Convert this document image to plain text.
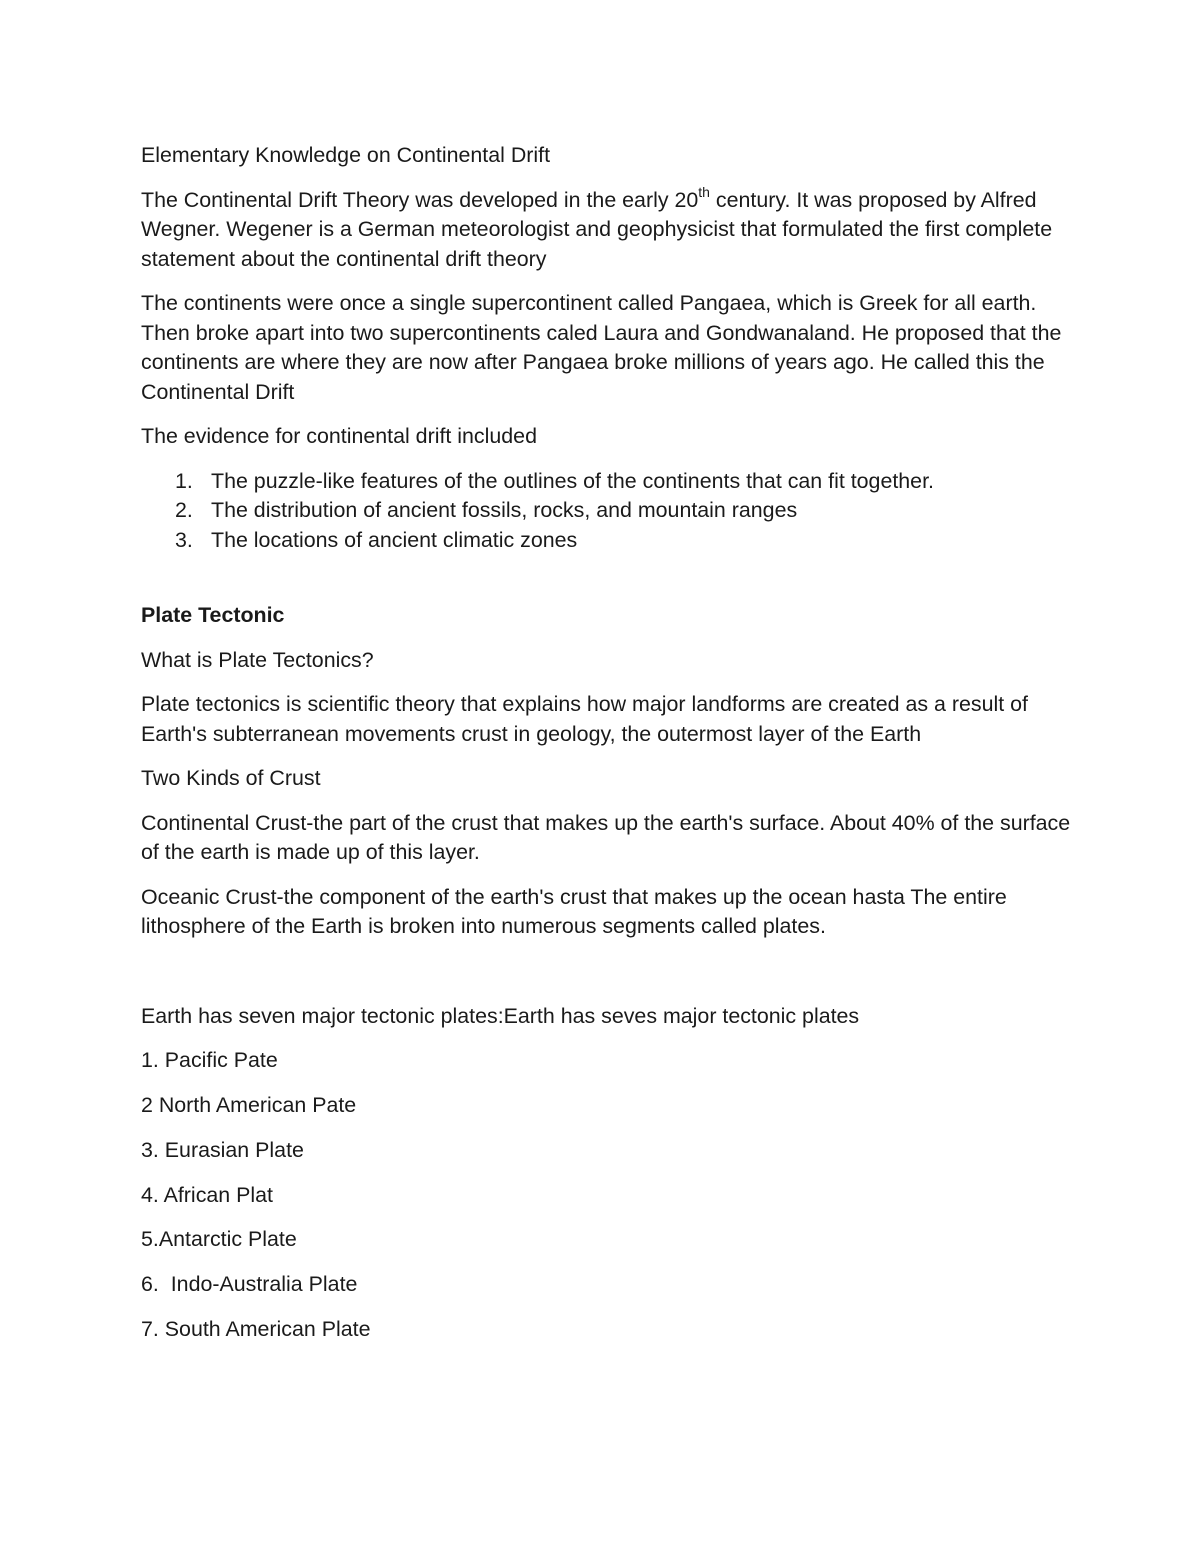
Elementary Knowledge on Continental Drift

The Continental Drift Theory was developed in the early 20th century. It was proposed by Alfred Wegner. Wegener is a German meteorologist and geophysicist that formulated the first complete statement about the continental drift theory

The continents were once a single supercontinent called Pangaea, which is Greek for all earth. Then broke apart into two supercontinents caled Laura and Gondwanaland. He proposed that the continents are where they are now after Pangaea broke millions of years ago. He called this the Continental Drift

The evidence for continental drift included

1. The puzzle-like features of the outlines of the continents that can fit together.
2. The distribution of ancient fossils, rocks, and mountain ranges
3. The locations of ancient climatic zones

Plate Tectonic

What is Plate Tectonics?

Plate tectonics is scientific theory that explains how major landforms are created as a result of Earth's subterranean movements crust in geology, the outermost layer of the Earth

Two Kinds of Crust

Continental Crust-the part of the crust that makes up the earth's surface. About 40% of the surface of the earth is made up of this layer.

Oceanic Crust-the component of the earth's crust that makes up the ocean hasta The entire lithosphere of the Earth is broken into numerous segments called plates.

Earth has seven major tectonic plates:Earth has seves major tectonic plates

1. Pacific Pate

2 North American Pate

3. Eurasian Plate

4. African Plat

5.Antarctic Plate

6.  Indo-Australia Plate

7. South American Plate
